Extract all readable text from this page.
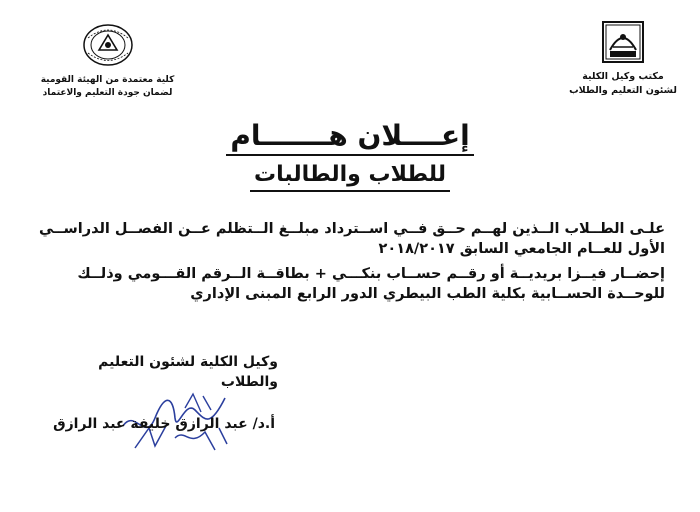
مكتب وكيل الكلية
لشئون التعليم والطلاب
كلية معتمدة من الهيئة القومية
لضمان جودة التعليم والاعتماد
إعــــلان هـــــــام
للطلاب والطالبات
علـى الطــلاب الــذين لهــم حــق فــي اســترداد مبلــغ الــتظلم عــن الفصــل الدراســي الأول للعــام الجامعي السابق ٢٠١٨/٢٠١٧
إحضــار فيــزا بريديــة أو رقــم حســاب بنكـــي + بطاقــة الــرقم القـــومي وذلــك للوحــدة الحســابية بكلية الطب البيطري الدور الرابع المبنى الإداري
وكيل الكلية لشئون التعليم والطلاب
أ.د/ عبد الرازق خليفة عبد الرازق
